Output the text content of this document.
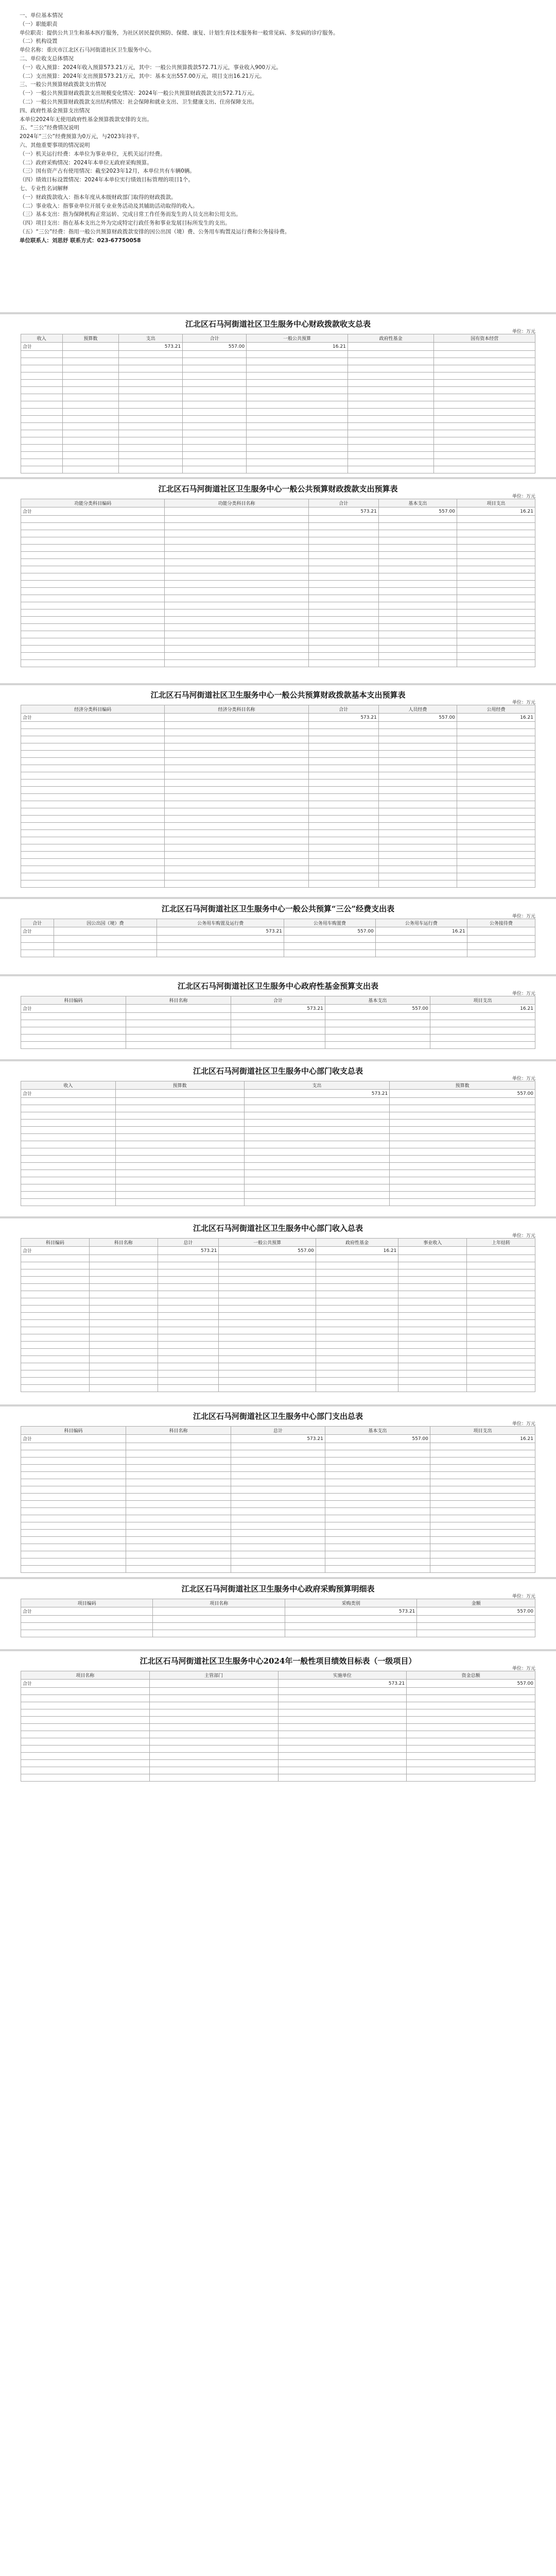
一、单位基本情况

（一）职能职责

单位职责：提供公共卫生和基本医疗服务，为社区居民提供预防、保健、康复、计划生育技术服务和一般常见病、多发病的诊疗服务。

（二）机构设置

单位名称：重庆市江北区石马河街道社区卫生服务中心。

二、单位收支总体情况

（一）收入预算：2024年收入预算573.21万元，其中：一般公共预算拨款572.71万元，事业收入900万元。

（二）支出预算：2024年支出预算573.21万元，其中：基本支出557.00万元，项目支出16.21万元。

三、一般公共预算财政拨款支出情况

（一）一般公共预算财政拨款支出规模变化情况：2024年一般公共预算财政拨款支出572.71万元。

（二）一般公共预算财政拨款支出结构情况：社会保障和就业支出、卫生健康支出、住房保障支出。

四、政府性基金预算支出情况

本单位2024年无使用政府性基金预算拨款安排的支出。

五、“三公”经费情况说明

2024年“三公”经费预算为0万元，与2023年持平。

六、其他重要事项的情况说明

（一）机关运行经费：本单位为事业单位，无机关运行经费。

（二）政府采购情况：2024年本单位无政府采购预算。

（三）国有资产占有使用情况：截至2023年12月，本单位共有车辆0辆。

（四）绩效目标设置情况：2024年本单位实行绩效目标管理的项目1个。

七、专业性名词解释

（一）财政拨款收入：指本年度从本级财政部门取得的财政拨款。

（二）事业收入：指事业单位开展专业业务活动及其辅助活动取得的收入。

（三）基本支出：指为保障机构正常运转、完成日常工作任务而发生的人员支出和公用支出。

（四）项目支出：指在基本支出之外为完成特定行政任务和事业发展目标所发生的支出。

（五）“三公”经费：指用一般公共预算财政拨款安排的因公出国（境）费、公务用车购置及运行费和公务接待费。

单位联系人：刘思妤 联系方式：023-67750058

江北区石马河街道社区卫生服务中心财政拨款收支总表
单位：万元
收入	预算数	支出	合计	一般公共预算	政府性基金	国有资本经营
合计		573.21	557.00	16.21		

江北区石马河街道社区卫生服务中心一般公共预算财政拨款支出预算表
单位：万元
功能分类科目编码	功能分类科目名称	合计	基本支出	项目支出
合计		573.21	557.00	16.21

江北区石马河街道社区卫生服务中心一般公共预算财政拨款基本支出预算表
单位：万元
经济分类科目编码	经济分类科目名称	合计	人员经费	公用经费
合计		573.21	557.00	16.21

江北区石马河街道社区卫生服务中心一般公共预算“三公”经费支出表
单位：万元
合计	因公出国（境）费	公务用车购置及运行费	公务用车购置费	公务用车运行费	公务接待费
合计		573.21	557.00	16.21	

江北区石马河街道社区卫生服务中心政府性基金预算支出表
单位：万元
科目编码	科目名称	合计	基本支出	项目支出
合计		573.21	557.00	16.21

江北区石马河街道社区卫生服务中心部门收支总表
单位：万元
收入	预算数	支出	预算数
合计		573.21	557.00

江北区石马河街道社区卫生服务中心部门收入总表
单位：万元
科目编码	科目名称	总计	一般公共预算	政府性基金	事业收入	上年结转
合计		573.21	557.00	16.21		

江北区石马河街道社区卫生服务中心部门支出总表
单位：万元
科目编码	科目名称	总计	基本支出	项目支出
合计		573.21	557.00	16.21

江北区石马河街道社区卫生服务中心政府采购预算明细表
单位：万元
项目编码	项目名称	采购类别	金额
合计		573.21	557.00

江北区石马河街道社区卫生服务中心2024年一般性项目绩效目标表（一级项目）
单位：万元
项目名称	主管部门	实施单位	资金总额
合计		573.21	557.00
